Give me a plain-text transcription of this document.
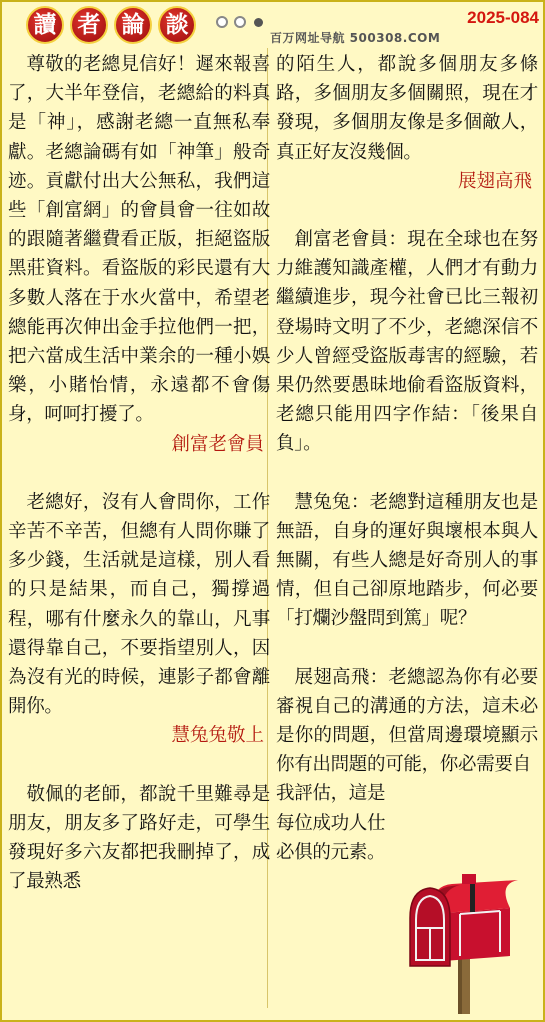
讀 者 論 談	2025-084
百万网址导航 500308.COM

尊敬的老總見信好！遲來報喜了，大半年登信，老總給的料真是「神」，感謝老總一直無私奉獻。老總論碼有如「神筆」般奇迹。貢獻付出大公無私，我們這些「創富網」的會員會一往如故的跟隨著繼費看正版，拒絕盜版黑莊資料。看盜版的彩民還有大多數人落在于水火當中，希望老總能再次伸出金手拉他們一把，把六當成生活中業余的一種小娛樂，小賭怡情，永遠都不會傷身，呵呵打擾了。

創富老會員

老總好，沒有人會問你，工作辛苦不辛苦，但總有人問你賺了多少錢，生活就是這樣，別人看的只是結果，而自己，獨撐過程，哪有什麼永久的靠山，凡事還得靠自己，不要指望別人，因為沒有光的時候，連影子都會離開你。

慧兔兔敬上

敬佩的老師，都說千里難尋是朋友，朋友多了路好走，可學生發現好多六友都把我刪掉了，成了最熟悉

的陌生人，都說多個朋友多條路，多個朋友多個關照，現在才發現，多個朋友像是多個敵人，真正好友沒幾個。

展翅高飛

創富老會員：現在全球也在努力維護知識產權，人們才有動力繼續進步，現今社會已比三報初登場時文明了不少，老總深信不少人曾經受盜版毒害的經驗，若果仍然要愚昧地偷看盜版資料，老總只能用四字作結：「後果自負」。

慧兔兔：老總對這種朋友也是無語，自身的運好與壞根本與人無關，有些人總是好奇別人的事情，但自己卻原地踏步，何必要「打爛沙盤問到篤」呢？

展翅高飛：老總認為你有必要審視自己的溝通的方法，這未必是你的問題，但當周邊環境顯示你有出問題的可能，你必需要自

我評估，這是每位成功人仕必俱的元素。
